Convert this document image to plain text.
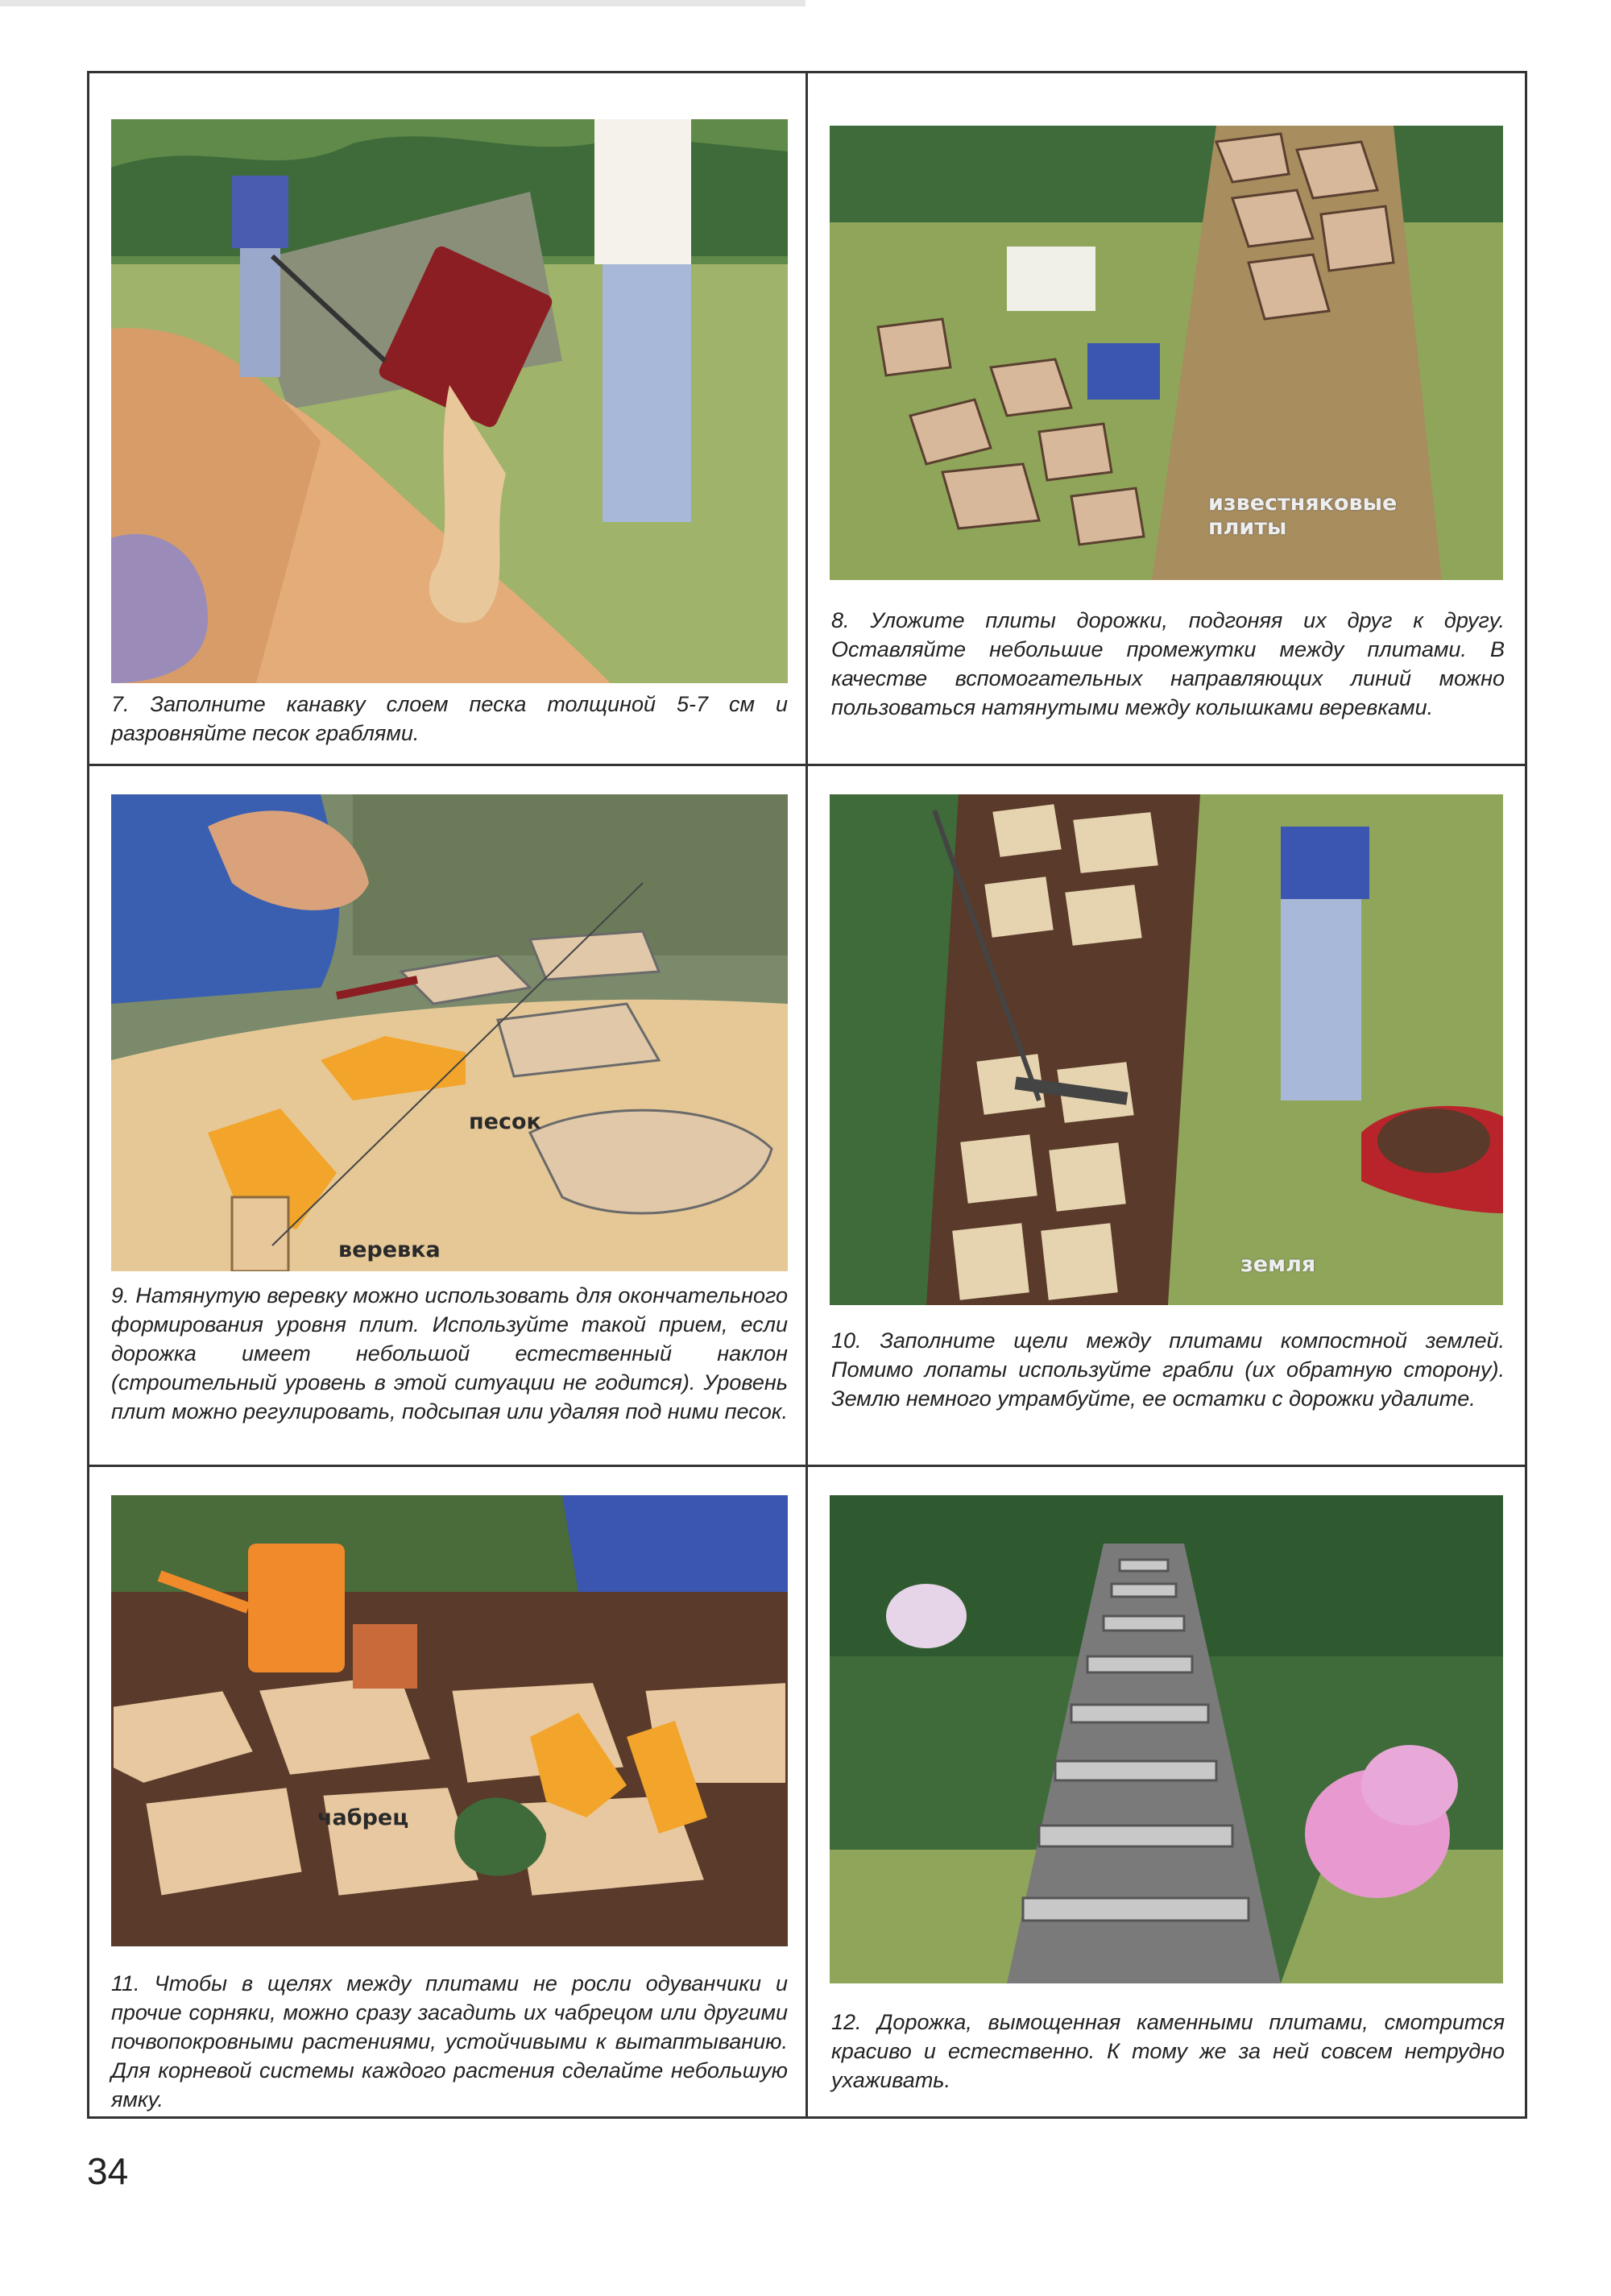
7. Заполните канавку слоем песка толщиной 5-7 см и разровняйте песок граблями.

известняковые плиты

8. Уложите плиты дорожки, подгоняя их друг к другу. Оставляйте небольшие промежутки между плитами. В качестве вспомогательных направляющих линий можно пользоваться натянутыми между колышками веревками.

песок
веревка

9. Натянутую веревку можно использовать для окончательного формирования уровня плит. Используйте такой прием, если дорожка имеет небольшой естественный наклон (строительный уровень в этой ситуации не годится). Уровень плит можно регулировать, подсыпая или удаляя под ними песок.

земля

10. Заполните щели между плитами компостной землей. Помимо лопаты используйте грабли (их обратную сторону). Землю немного утрамбуйте, ее остатки с дорожки удалите.

чабрец

11. Чтобы в щелях между плитами не росли одуванчики и прочие сорняки, можно сразу засадить их чабрецом или другими почвопокровными растениями, устойчивыми к вытаптыванию. Для корневой системы каждого растения сделайте небольшую ямку.

12. Дорожка, вымощенная каменными плитами, смотрится красиво и естественно. К тому же за ней совсем нетрудно ухаживать.

34
